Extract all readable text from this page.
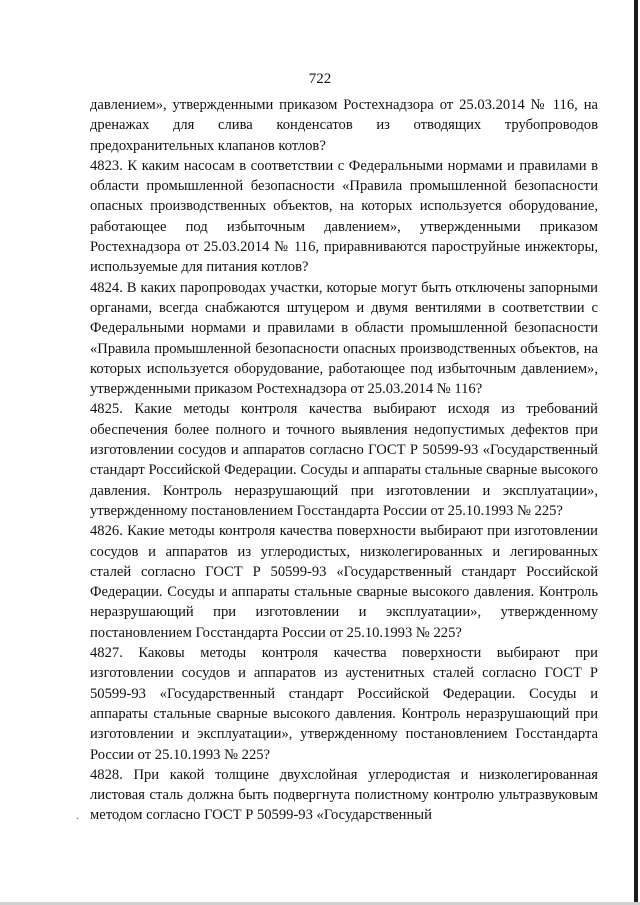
722

давлением», утвержденными приказом Ростехнадзора от 25.03.2014 № 116, на дренажах для слива конденсатов из отводящих трубопроводов предохранительных клапанов котлов?

4823. К каким насосам в соответствии с Федеральными нормами и правилами в области промышленной безопасности «Правила промышленной безопасности опасных производственных объектов, на которых используется оборудование, работающее под избыточным давлением», утвержденными приказом Ростехнадзора от 25.03.2014 № 116, приравниваются пароструйные инжекторы, используемые для питания котлов?

4824. В каких паропроводах участки, которые могут быть отключены запорными органами, всегда снабжаются штуцером и двумя вентилями в соответствии с Федеральными нормами и правилами в области промышленной безопасности «Правила промышленной безопасности опасных производственных объектов, на которых используется оборудование, работающее под избыточным давлением», утвержденными приказом Ростехнадзора от 25.03.2014 № 116?

4825. Какие методы контроля качества выбирают исходя из требований обеспечения более полного и точного выявления недопустимых дефектов при изготовлении сосудов и аппаратов согласно ГОСТ Р 50599-93 «Государственный стандарт Российской Федерации. Сосуды и аппараты стальные сварные высокого давления. Контроль неразрушающий при изготовлении и эксплуатации», утвержденному постановлением Госстандарта России от 25.10.1993 № 225?

4826. Какие методы контроля качества поверхности выбирают при изготовлении сосудов и аппаратов из углеродистых, низколегированных и легированных сталей согласно ГОСТ Р 50599-93 «Государственный стандарт Российской Федерации. Сосуды и аппараты стальные сварные высокого давления. Контроль неразрушающий при изготовлении и эксплуатации», утвержденному постановлением Госстандарта России от 25.10.1993 № 225?

4827. Каковы методы контроля качества поверхности выбирают при изготовлении сосудов и аппаратов из аустенитных сталей согласно ГОСТ Р 50599-93 «Государственный стандарт Российской Федерации. Сосуды и аппараты стальные сварные высокого давления. Контроль неразрушающий при изготовлении и эксплуатации», утвержденному постановлением Госстандарта России от 25.10.1993 № 225?

4828. При какой толщине двухслойная углеродистая и низколегированная листовая сталь должна быть подвергнута полистному контролю ультразвуковым методом согласно ГОСТ Р 50599-93 «Государственный

.
